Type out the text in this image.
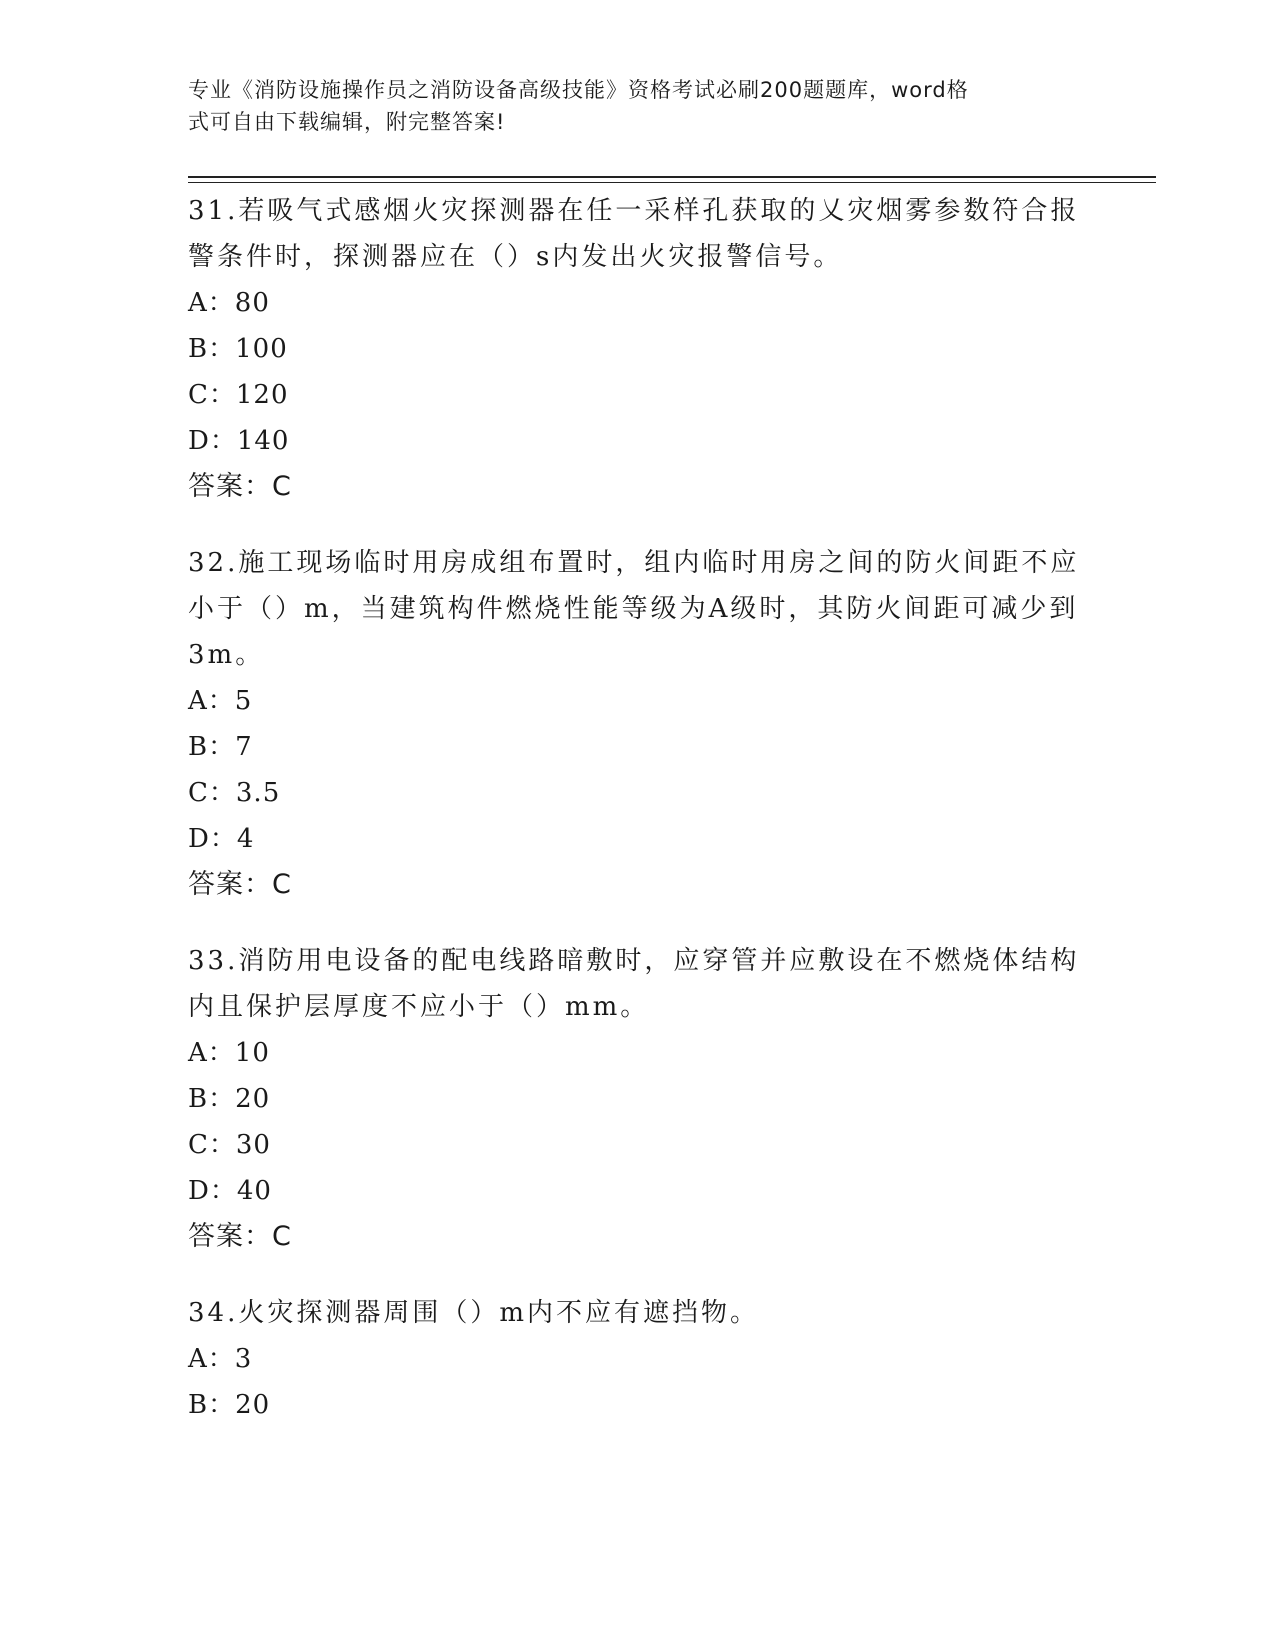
专业《消防设施操作员之消防设备高级技能》资格考试必刷200题题库，word格
式可自由下载编辑，附完整答案!
31.若吸气式感烟火灾探测器在任一采样孔获取的乂灾烟雾参数符合报
警条件时，探测器应在（）s内发出火灾报警信号。
A：80
B：100
C：120
D：140
答案：C
32.施工现场临时用房成组布置时，组内临时用房之间的防火间距不应
小于（）m，当建筑构件燃烧性能等级为A级时，其防火间距可减少到
3m。
A：5
B：7
C：3.5
D：4
答案：C
33.消防用电设备的配电线路暗敷时，应穿管并应敷设在不燃烧体结构
内且保护层厚度不应小于（）mm。
A：10
B：20
C：30
D：40
答案：C
34.火灾探测器周围（）m内不应有遮挡物。
A：3
B：20
